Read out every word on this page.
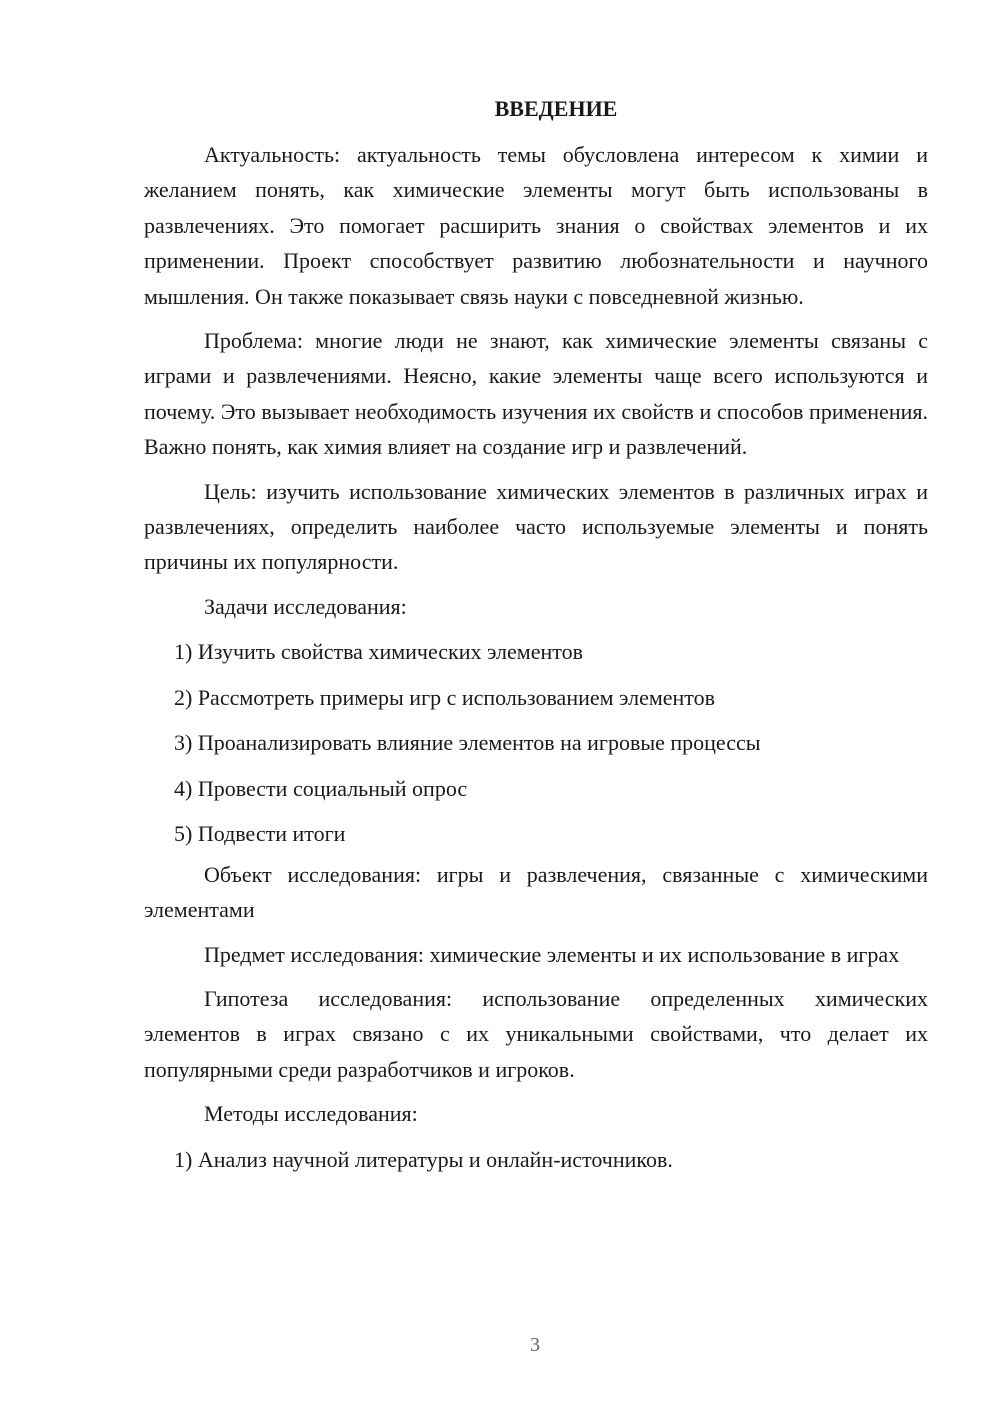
ВВЕДЕНИЕ

Актуальность: актуальность темы обусловлена интересом к химии и желанием понять, как химические элементы могут быть использованы в развлечениях. Это помогает расширить знания о свойствах элементов и их применении. Проект способствует развитию любознательности и научного мышления. Он также показывает связь науки с повседневной жизнью.

Проблема: многие люди не знают, как химические элементы связаны с играми и развлечениями. Неясно, какие элементы чаще всего используются и почему. Это вызывает необходимость изучения их свойств и способов применения. Важно понять, как химия влияет на создание игр и развлечений.

Цель: изучить использование химических элементов в различных играх и развлечениях, определить наиболее часто используемые элементы и понять причины их популярности.

Задачи исследования:

1) Изучить свойства химических элементов

2) Рассмотреть примеры игр с использованием элементов

3) Проанализировать влияние элементов на игровые процессы

4) Провести социальный опрос

5) Подвести итоги

Объект исследования: игры и развлечения, связанные с химическими элементами

Предмет исследования: химические элементы и их использование в играх

Гипотеза исследования: использование определенных химических элементов в играх связано с их уникальными свойствами, что делает их популярными среди разработчиков и игроков.

Методы исследования:

1) Анализ научной литературы и онлайн-источников.

3
